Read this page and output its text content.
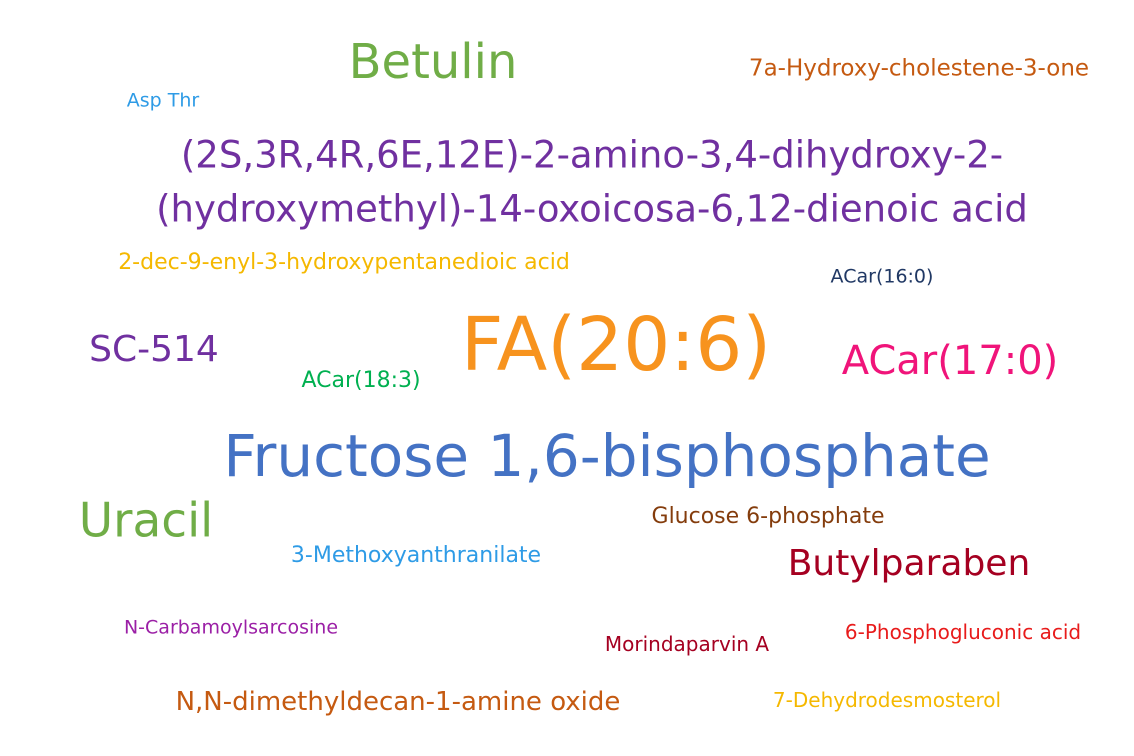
Betulin	7a-Hydroxy-cholestene-3-one
Asp Thr
(2S,3R,4R,6E,12E)-2-amino-3,4-dihydroxy-2-
(hydroxymethyl)-14-oxoicosa-6,12-dienoic acid
2-dec-9-enyl-3-hydroxypentanedioic acid
ACar(16:0)
SC-514	FA(20:6) ACar(17:0)
ACar(18:3)
Fructose 1,6-bisphosphate
Uracil	Glucose 6-phosphate
3-Methoxyanthranilate	Butylparaben
N-Carbamoylsarcosine	6-Phosphogluconic acid
Morindaparvin A
N,N-dimethyldecan-1-amine oxide	7-Dehydrodesmosterol
